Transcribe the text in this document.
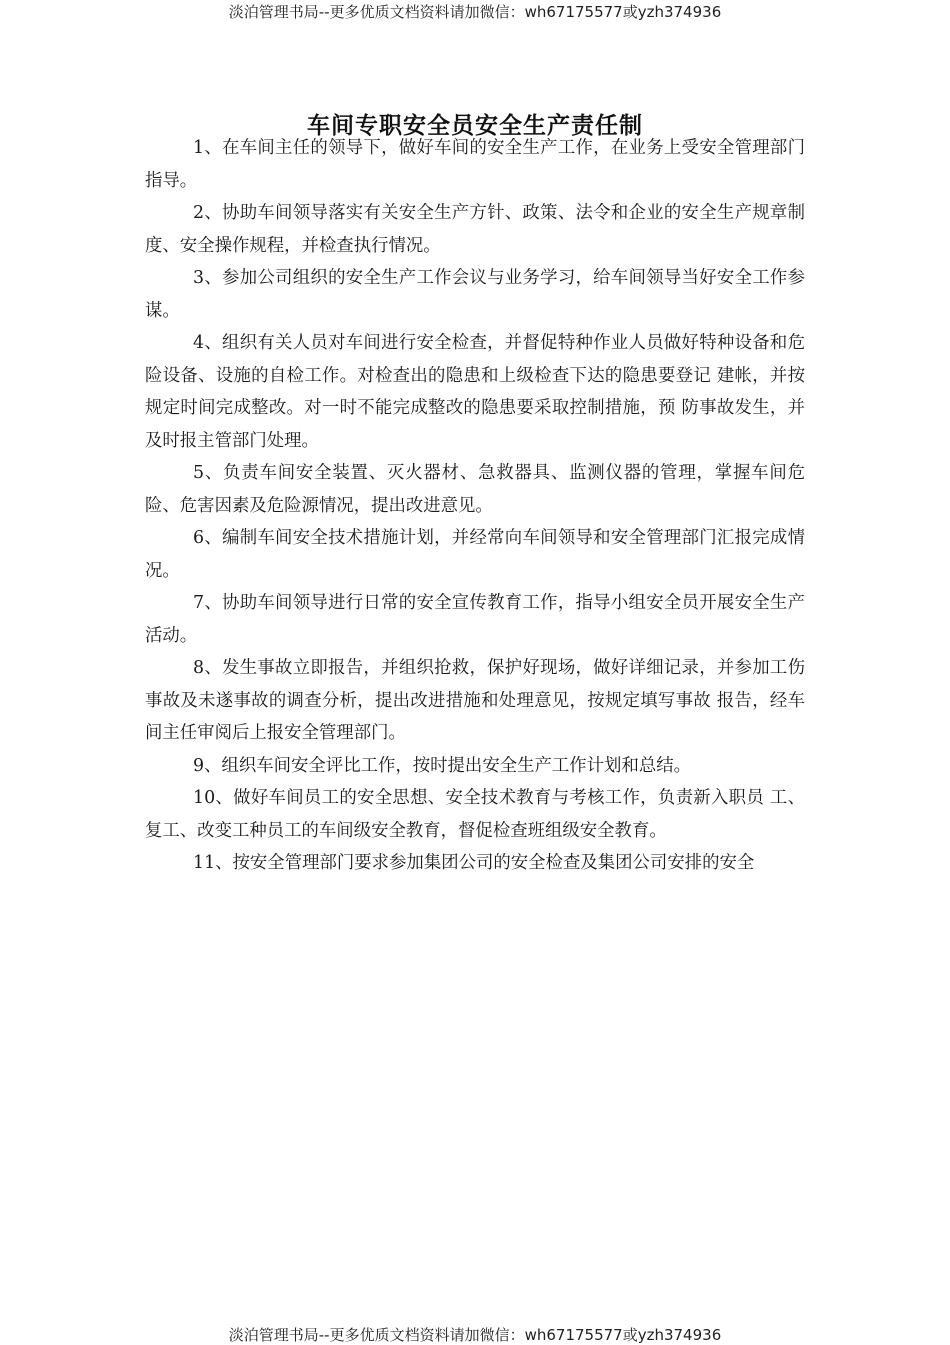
淡泊管理书局--更多优质文档资料请加微信：wh67175577或yzh374936
车间专职安全员安全生产责任制

1、在车间主任的领导下，做好车间的安全生产工作，在业务上受安全管理部门指导。

2、协助车间领导落实有关安全生产方针、政策、法令和企业的安全生产规章制度、安全操作规程，并检查执行情况。

3、参加公司组织的安全生产工作会议与业务学习，给车间领导当好安全工作参谋。

4、组织有关人员对车间进行安全检查，并督促特种作业人员做好特种设备和危险设备、设施的自检工作。对检查出的隐患和上级检查下达的隐患要登记 建帐，并按规定时间完成整改。对一时不能完成整改的隐患要采取控制措施，预 防事故发生，并及时报主管部门处理。

5、负责车间安全装置、灭火器材、急救器具、监测仪器的管理，掌握车间危险、危害因素及危险源情况，提出改进意见。

6、编制车间安全技术措施计划，并经常向车间领导和安全管理部门汇报完成情况。

7、协助车间领导进行日常的安全宣传教育工作，指导小组安全员开展安全生产活动。

8、发生事故立即报告，并组织抢救，保护好现场，做好详细记录，并参加工伤事故及未遂事故的调查分析，提出改进措施和处理意见，按规定填写事故 报告，经车间主任审阅后上报安全管理部门。

9、组织车间安全评比工作，按时提出安全生产工作计划和总结。

10、做好车间员工的安全思想、安全技术教育与考核工作，负责新入职员 工、复工、改变工种员工的车间级安全教育，督促检查班组级安全教育。

11、按安全管理部门要求参加集团公司的安全检查及集团公司安排的安全

淡泊管理书局--更多优质文档资料请加微信：wh67175577或yzh374936
